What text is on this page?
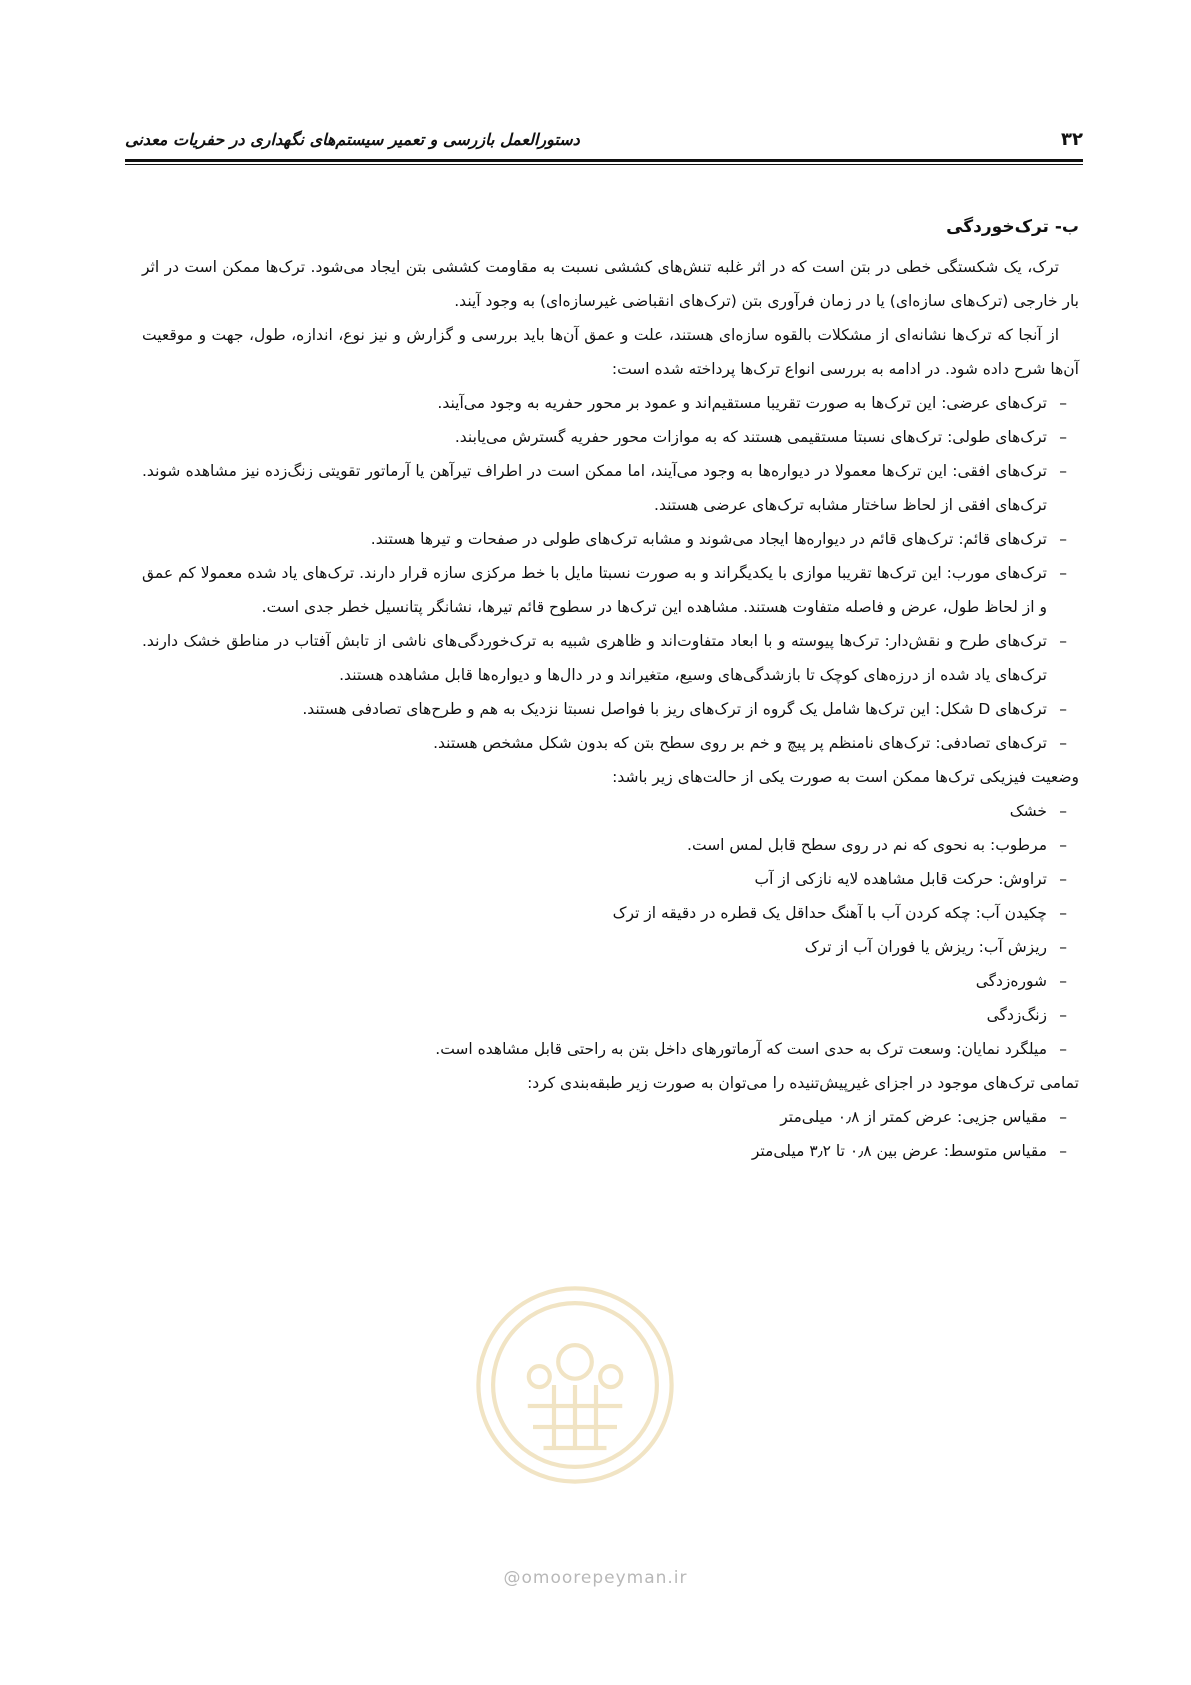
۳۲
دستورالعمل بازرسی و تعمیر سیستم‌های نگهداری در حفریات معدنی
ب- ترک‌خوردگی

ترک، یک شکستگی خطی در بتن است که در اثر غلبه تنش‌های کششی نسبت به مقاومت کششی بتن ایجاد می‌شود. ترک‌ها ممکن است در اثر بار خارجی (ترک‌های سازه‌ای) یا در زمان فرآوری بتن (ترک‌های انقباضی غیرسازه‌ای) به وجود آیند.

از آنجا که ترک‌ها نشانه‌ای از مشکلات بالقوه سازه‌ای هستند، علت و عمق آن‌ها باید بررسی و گزارش و نیز نوع، اندازه، طول، جهت و موقعیت آن‌ها شرح داده شود. در ادامه به بررسی انواع ترک‌ها پرداخته شده است:

– ترک‌های عرضی: این ترک‌ها به صورت تقریبا مستقیم‌اند و عمود بر محور حفریه به وجود می‌آیند.
– ترک‌های طولی: ترک‌های نسبتا مستقیمی هستند که به موازات محور حفریه گسترش می‌یابند.
– ترک‌های افقی: این ترک‌ها معمولا در دیواره‌ها به وجود می‌آیند، اما ممکن است در اطراف تیرآهن یا آرماتور تقویتی زنگ‌زده نیز مشاهده شوند. ترک‌های افقی از لحاظ ساختار مشابه ترک‌های عرضی هستند.
– ترک‌های قائم: ترک‌های قائم در دیواره‌ها ایجاد می‌شوند و مشابه ترک‌های طولی در صفحات و تیرها هستند.
– ترک‌های مورب: این ترک‌ها تقریبا موازی با یکدیگراند و به صورت نسبتا مایل با خط مرکزی سازه قرار دارند. ترک‌های یاد شده معمولا کم عمق و از لحاظ طول، عرض و فاصله متفاوت هستند. مشاهده این ترک‌ها در سطوح قائم تیرها، نشانگر پتانسیل خطر جدی است.
– ترک‌های طرح و نقش‌دار: ترک‌ها پیوسته و با ابعاد متفاوت‌اند و ظاهری شبیه به ترک‌خوردگی‌های ناشی از تابش آفتاب در مناطق خشک دارند. ترک‌های یاد شده از درزه‌های کوچک تا بازشدگی‌های وسیع، متغیراند و در دال‌ها و دیواره‌ها قابل مشاهده هستند.
– ترک‌های D شکل: این ترک‌ها شامل یک گروه از ترک‌های ریز با فواصل نسبتا نزدیک به هم و طرح‌های تصادفی هستند.
– ترک‌های تصادفی: ترک‌های نامنظم پر پیچ و خم بر روی سطح بتن که بدون شکل مشخص هستند.

وضعیت فیزیکی ترک‌ها ممکن است به صورت یکی از حالت‌های زیر باشد:

– خشک
– مرطوب: به نحوی که نم در روی سطح قابل لمس است.
– تراوش: حرکت قابل مشاهده لایه نازکی از آب
– چکیدن آب: چکه کردن آب با آهنگ حداقل یک قطره در دقیقه از ترک
– ریزش آب: ریزش یا فوران آب از ترک
– شوره‌زدگی
– زنگ‌زدگی
– میلگرد نمایان: وسعت ترک به حدی است که آرماتورهای داخل بتن به راحتی قابل مشاهده است.

تمامی ترک‌های موجود در اجزای غیرپیش‌تنیده را می‌توان به صورت زیر طبقه‌بندی کرد:

– مقیاس جزیی: عرض کمتر از ۰٫۸ میلی‌متر
– مقیاس متوسط: عرض بین ۰٫۸ تا ۳٫۲ میلی‌متر
@omoorepeyman.ir
